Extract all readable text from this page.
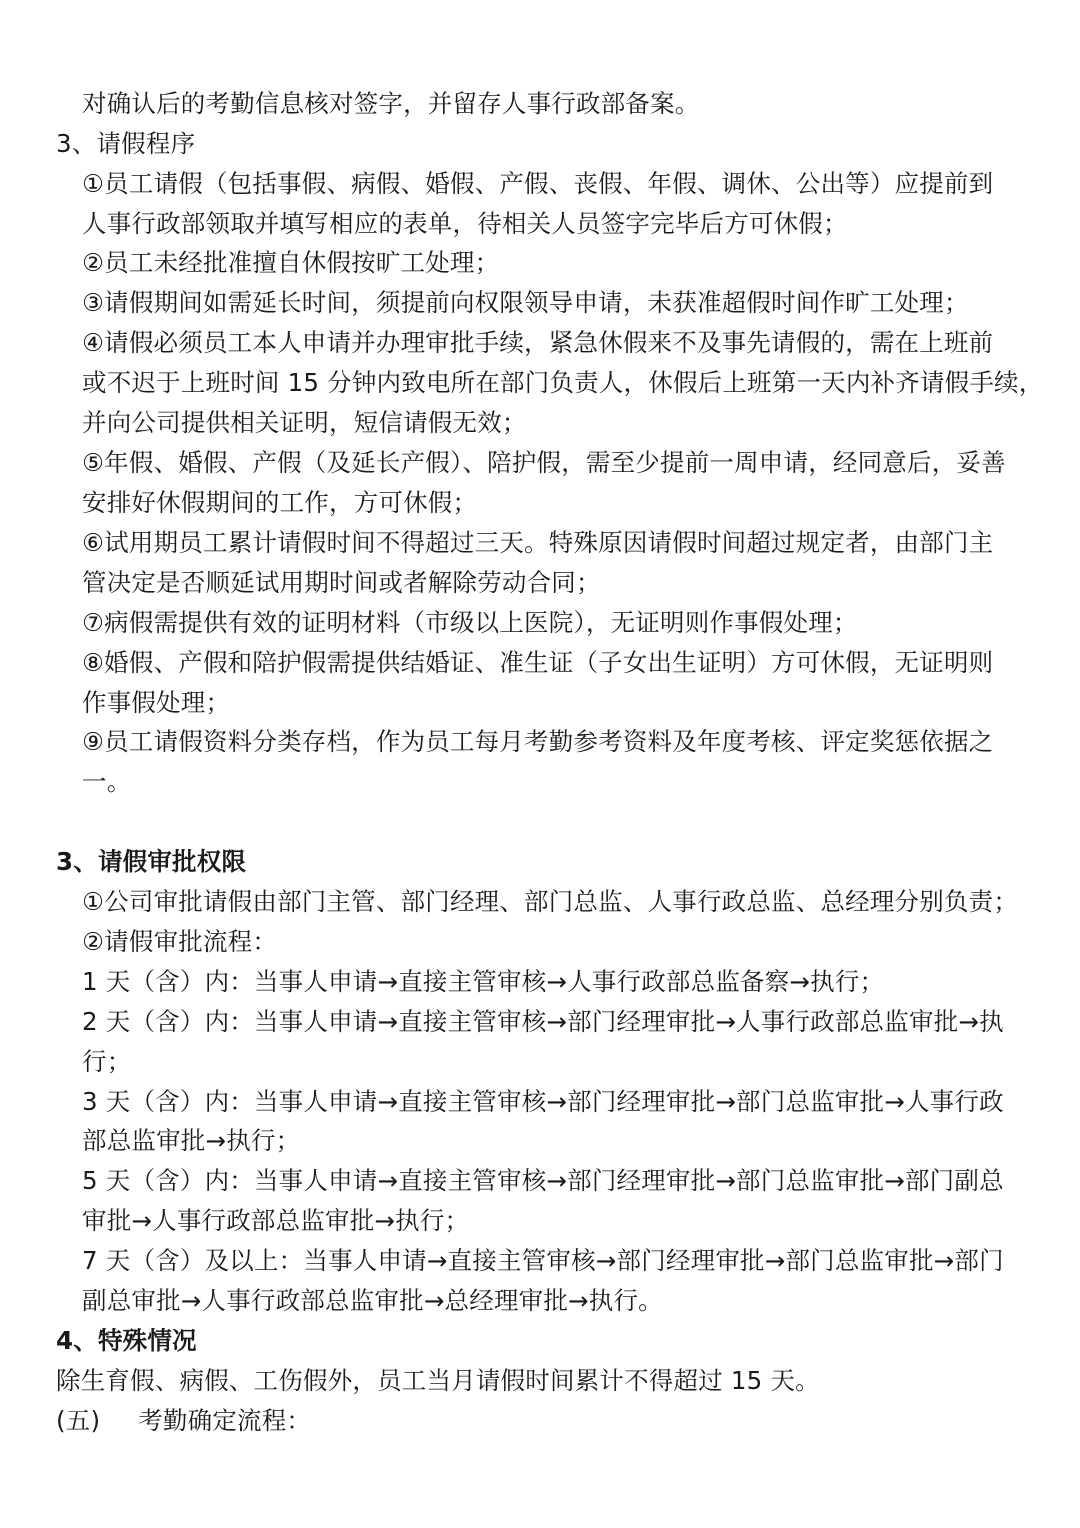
对确认后的考勤信息核对签字，并留存人事行政部备案。
3、请假程序
①员工请假（包括事假、病假、婚假、产假、丧假、年假、调休、公出等）应提前到
人事行政部领取并填写相应的表单，待相关人员签字完毕后方可休假；
②员工未经批准擅自休假按旷工处理；
③请假期间如需延长时间，须提前向权限领导申请，未获准超假时间作旷工处理；
④请假必须员工本人申请并办理审批手续，紧急休假来不及事先请假的，需在上班前
或不迟于上班时间 15 分钟内致电所在部门负责人，休假后上班第一天内补齐请假手续，
并向公司提供相关证明，短信请假无效；
⑤年假、婚假、产假（及延长产假）、陪护假，需至少提前一周申请，经同意后，妥善
安排好休假期间的工作，方可休假；
⑥试用期员工累计请假时间不得超过三天。特殊原因请假时间超过规定者，由部门主
管决定是否顺延试用期时间或者解除劳动合同；
⑦病假需提供有效的证明材料（市级以上医院），无证明则作事假处理；
⑧婚假、产假和陪护假需提供结婚证、准生证（子女出生证明）方可休假，无证明则
作事假处理；
⑨员工请假资料分类存档，作为员工每月考勤参考资料及年度考核、评定奖惩依据之
一。
3、请假审批权限
①公司审批请假由部门主管、部门经理、部门总监、人事行政总监、总经理分别负责；
②请假审批流程：
1 天（含）内：当事人申请→直接主管审核→人事行政部总监备察→执行；
2 天（含）内：当事人申请→直接主管审核→部门经理审批→人事行政部总监审批→执
行；
3 天（含）内：当事人申请→直接主管审核→部门经理审批→部门总监审批→人事行政
部总监审批→执行；
5 天（含）内：当事人申请→直接主管审核→部门经理审批→部门总监审批→部门副总
审批→人事行政部总监审批→执行；
7 天（含）及以上：当事人申请→直接主管审核→部门经理审批→部门总监审批→部门
副总审批→人事行政部总监审批→总经理审批→执行。
4、特殊情况
除生育假、病假、工伤假外，员工当月请假时间累计不得超过 15 天。
(五) 考勤确定流程：
